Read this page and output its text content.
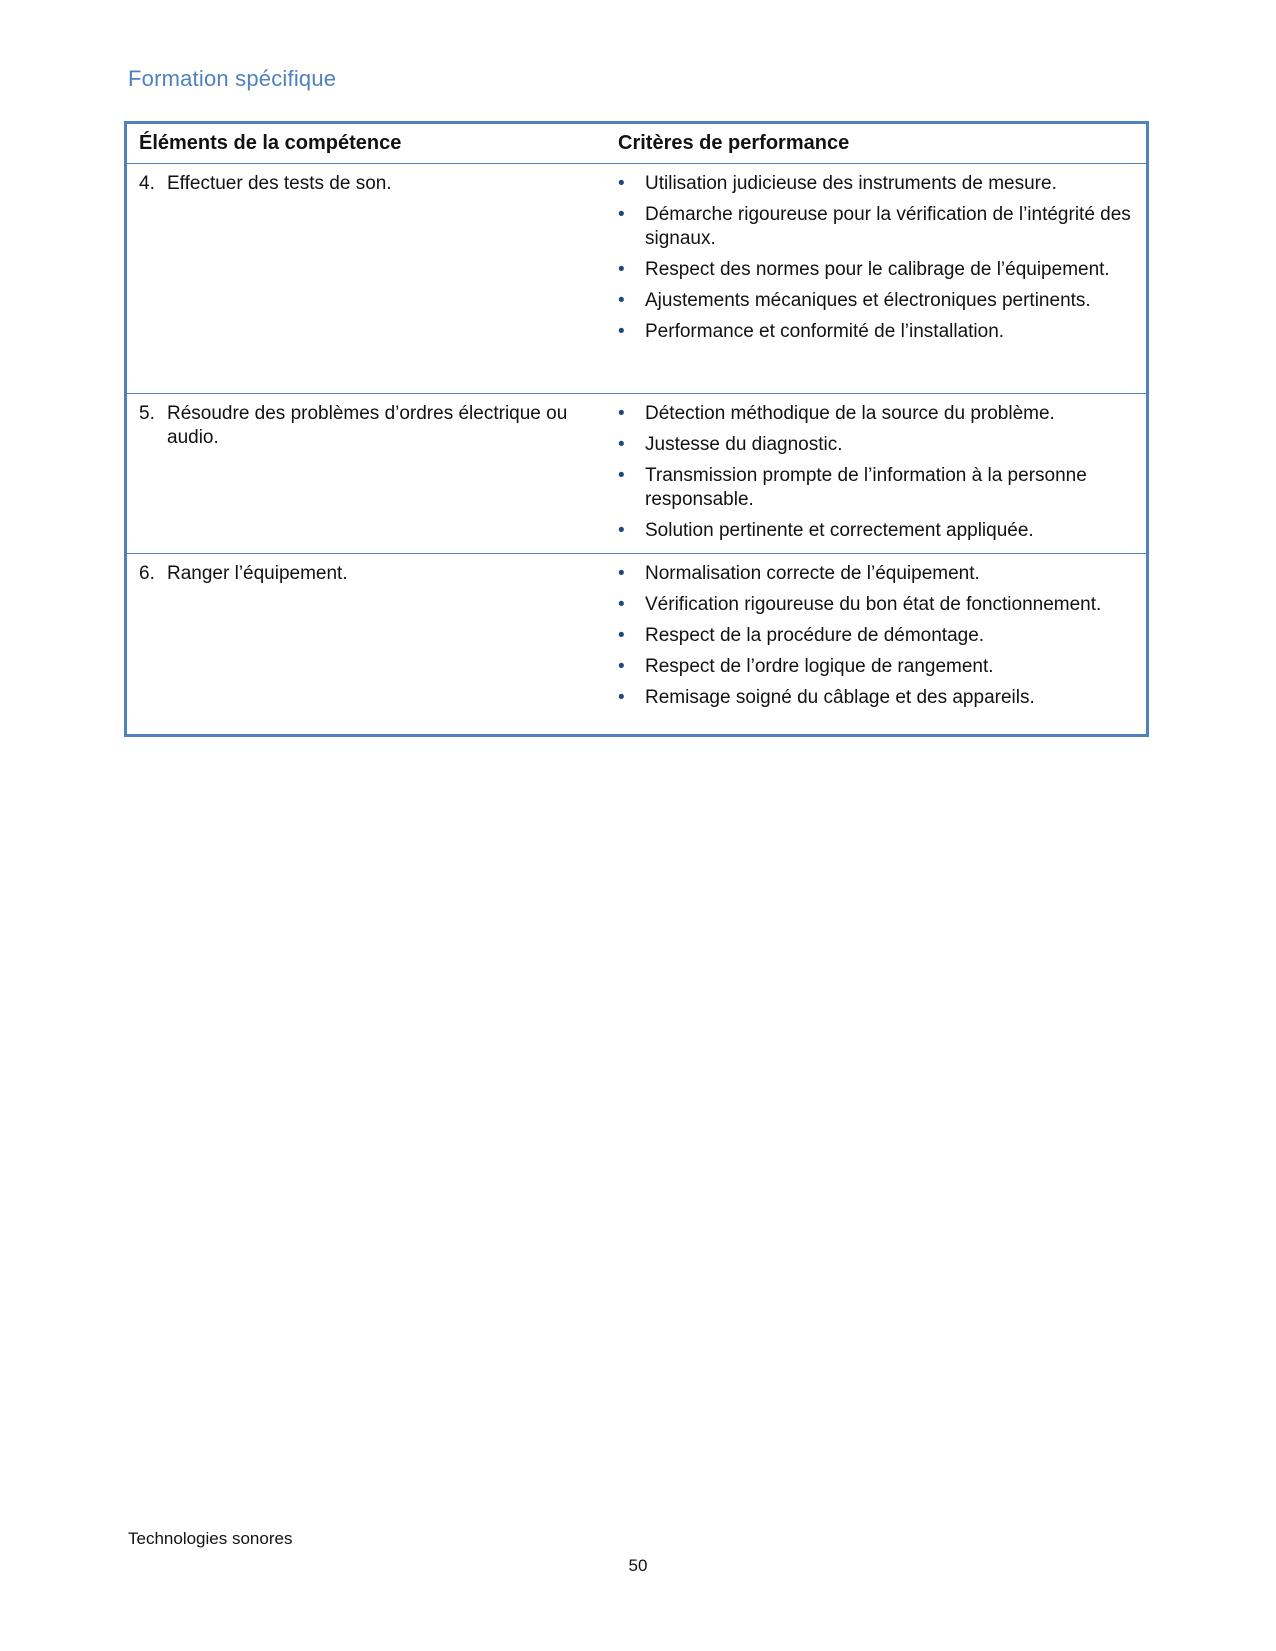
Formation spécifique
Éléments de la compétence	Critères de performance
4. Effectuer des tests de son.	•	Utilisation judicieuse des instruments de mesure.
•	Démarche rigoureuse pour la vérification de l’intégrité des signaux.
•	Respect des normes pour le calibrage de l’équipement.
•	Ajustements mécaniques et électroniques pertinents.
•	Performance et conformité de l’installation.
5. Résoudre des problèmes d’ordres électrique ou audio.
•	Détection méthodique de la source du problème.
•	Justesse du diagnostic.
•	Transmission prompte de l’information à la personne responsable.
•	Solution pertinente et correctement appliquée.
6. Ranger l’équipement.	•	Normalisation correcte de l’équipement.
•	Vérification rigoureuse du bon état de fonctionnement.
•	Respect de la procédure de démontage.
•	Respect de l’ordre logique de rangement.
•	Remisage soigné du câblage et des appareils.
Technologies sonores
50
